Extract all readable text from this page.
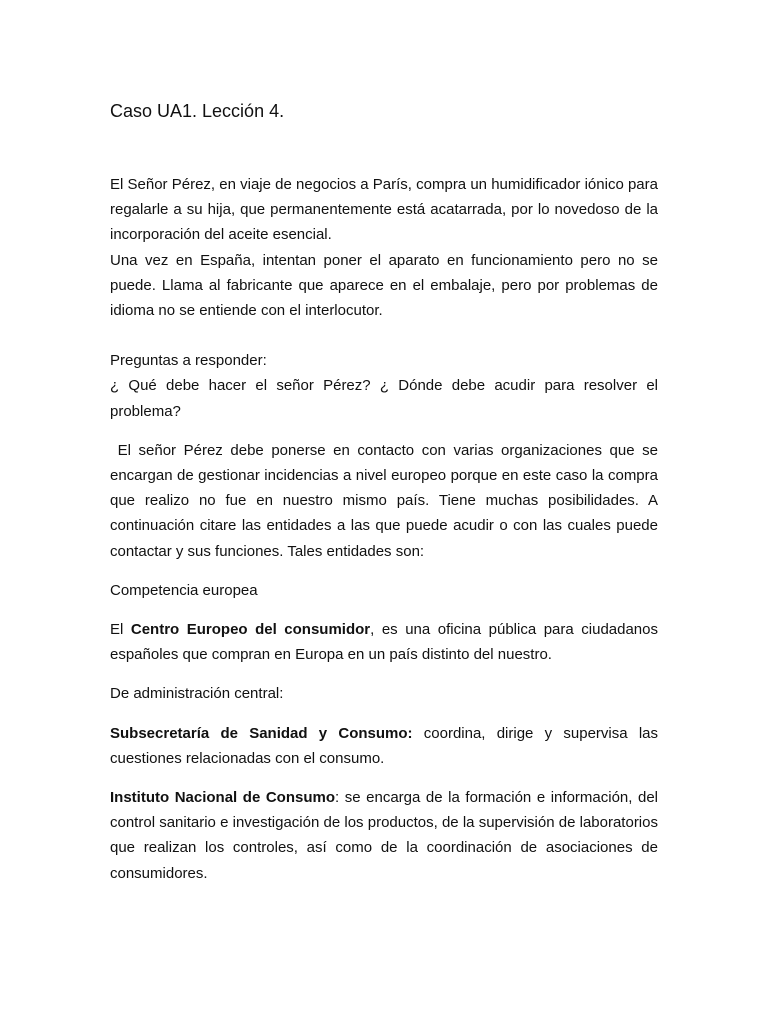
Caso UA1. Lección 4.

El Señor Pérez, en viaje de negocios a París, compra un humidificador iónico para regalarle a su hija, que permanentemente está acatarrada, por lo novedoso de la incorporación del aceite esencial.

Una vez en España, intentan poner el aparato en funcionamiento pero no se puede. Llama al fabricante que aparece en el embalaje, pero por problemas de idioma no se entiende con el interlocutor.

Preguntas a responder:

¿ Qué debe hacer el señor Pérez? ¿ Dónde debe acudir para resolver el problema?

El señor Pérez debe ponerse en contacto con varias organizaciones que se encargan de gestionar incidencias a nivel europeo porque en este caso la compra que realizo no fue en nuestro mismo país. Tiene muchas posibilidades. A continuación citare las entidades a las que puede acudir o con las cuales puede contactar y sus funciones. Tales entidades son:

Competencia europea

El Centro Europeo del consumidor, es una oficina pública para ciudadanos españoles que compran en Europa en un país distinto del nuestro.

De administración central:

Subsecretaría de Sanidad y Consumo: coordina, dirige y supervisa las cuestiones relacionadas con el consumo.

Instituto Nacional de Consumo: se encarga de la formación e información, del control sanitario e investigación de los productos, de la supervisión de laboratorios que realizan los controles, así como de la coordinación de asociaciones de consumidores.
